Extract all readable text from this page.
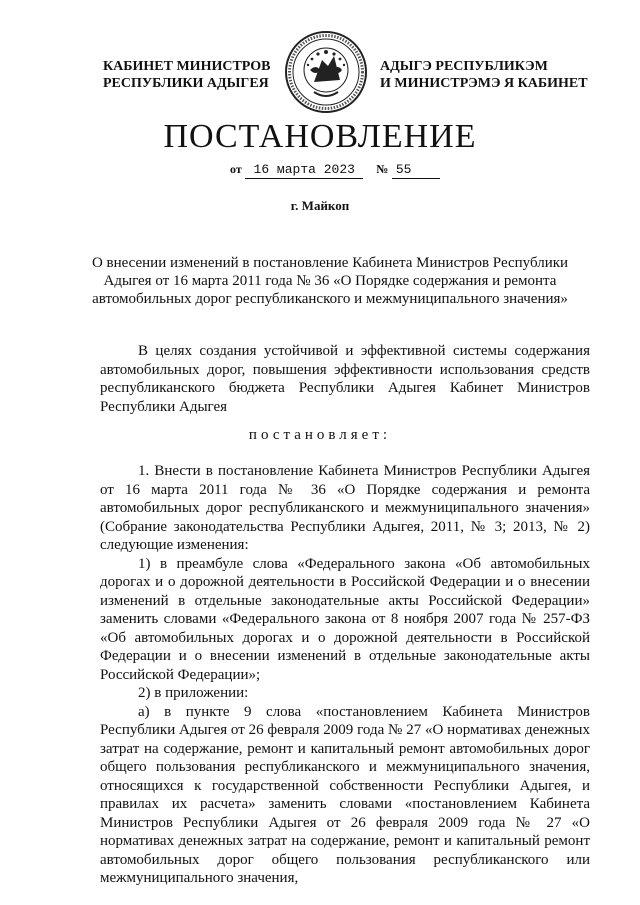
КАБИНЕТ МИНИСТРОВ
РЕСПУБЛИКИ АДЫГЕЯ
АДЫГЭ РЕСПУБЛИКЭМ
И МИНИСТРЭМЭ Я КАБИНЕТ
ПОСТАНОВЛЕНИЕ
от 16 марта 2023 № 55
г. Майкоп
О внесении изменений в постановление Кабинета Министров Республики Адыгея от 16 марта 2011 года № 36 «О Порядке содержания и ремонта автомобильных дорог республиканского и межмуниципального значения»
В целях создания устойчивой и эффективной системы содержания автомобильных дорог, повышения эффективности использования средств республиканского бюджета Республики Адыгея Кабинет Министров Республики Адыгея
постановляет:

1. Внести в постановление Кабинета Министров Республики Адыгея от 16 марта 2011 года № 36 «О Порядке содержания и ремонта автомобильных дорог республиканского и межмуниципального значения» (Собрание законодательства Республики Адыгея, 2011, № 3; 2013, № 2) следующие изменения:

1) в преамбуле слова «Федерального закона «Об автомобильных дорогах и о дорожной деятельности в Российской Федерации и о внесении изменений в отдельные законодательные акты Российской Федерации» заменить словами «Федерального закона от 8 ноября 2007 года № 257-ФЗ «Об автомобильных дорогах и о дорожной деятельности в Российской Федерации и о внесении изменений в отдельные законодательные акты Российской Федерации»;

2) в приложении:

а) в пункте 9 слова «постановлением Кабинета Министров Республики Адыгея от 26 февраля 2009 года № 27 «О нормативах денежных затрат на содержание, ремонт и капитальный ремонт автомобильных дорог общего пользования республиканского и межмуниципального значения, относящихся к государственной собственности Республики Адыгея, и правилах их расчета» заменить словами «постановлением Кабинета Министров Республики Адыгея от 26 февраля 2009 года № 27 «О нормативах денежных затрат на содержание, ремонт и капитальный ремонт автомобильных дорог общего пользования республиканского или межмуниципального значения,
